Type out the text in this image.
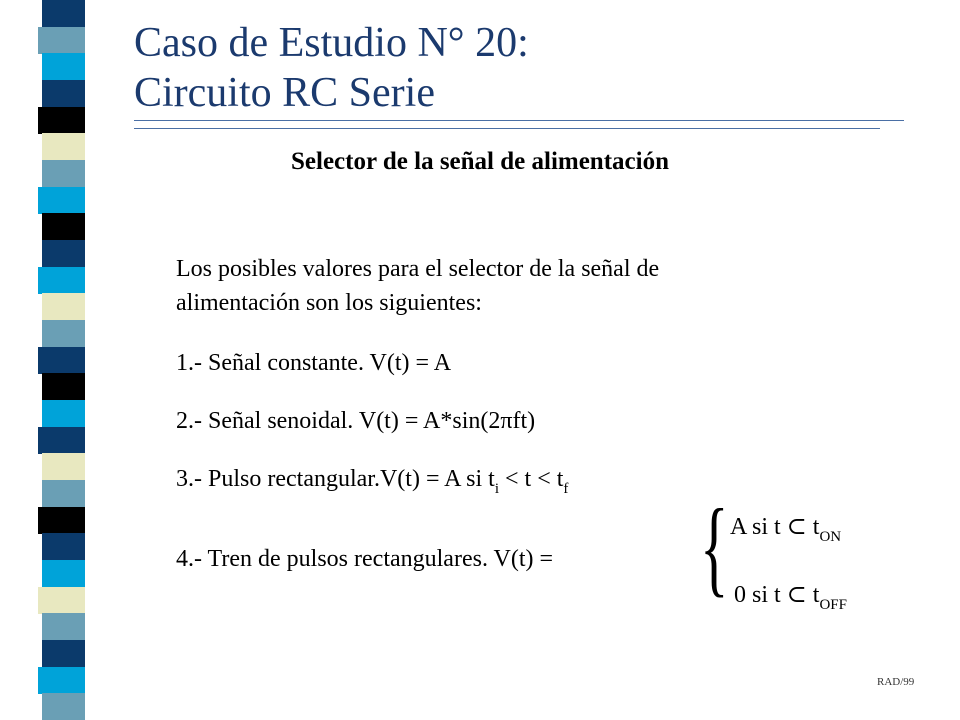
Caso de Estudio N° 20:
Circuito RC Serie
Selector de la señal de alimentación
Los posibles valores para el selector de la señal de
alimentación son los siguientes:
1.- Señal constante. V(t) = A
2.- Señal senoidal. V(t) = A*sin(2πft)
3.- Pulso rectangular.V(t) = A si $t_i < t < t_f$
4.- Tren de pulsos rectangulares. V(t) = { A si t ⊂ $t_{ON}$
0 si t ⊂ $t_{OFF}$
RAD/99
